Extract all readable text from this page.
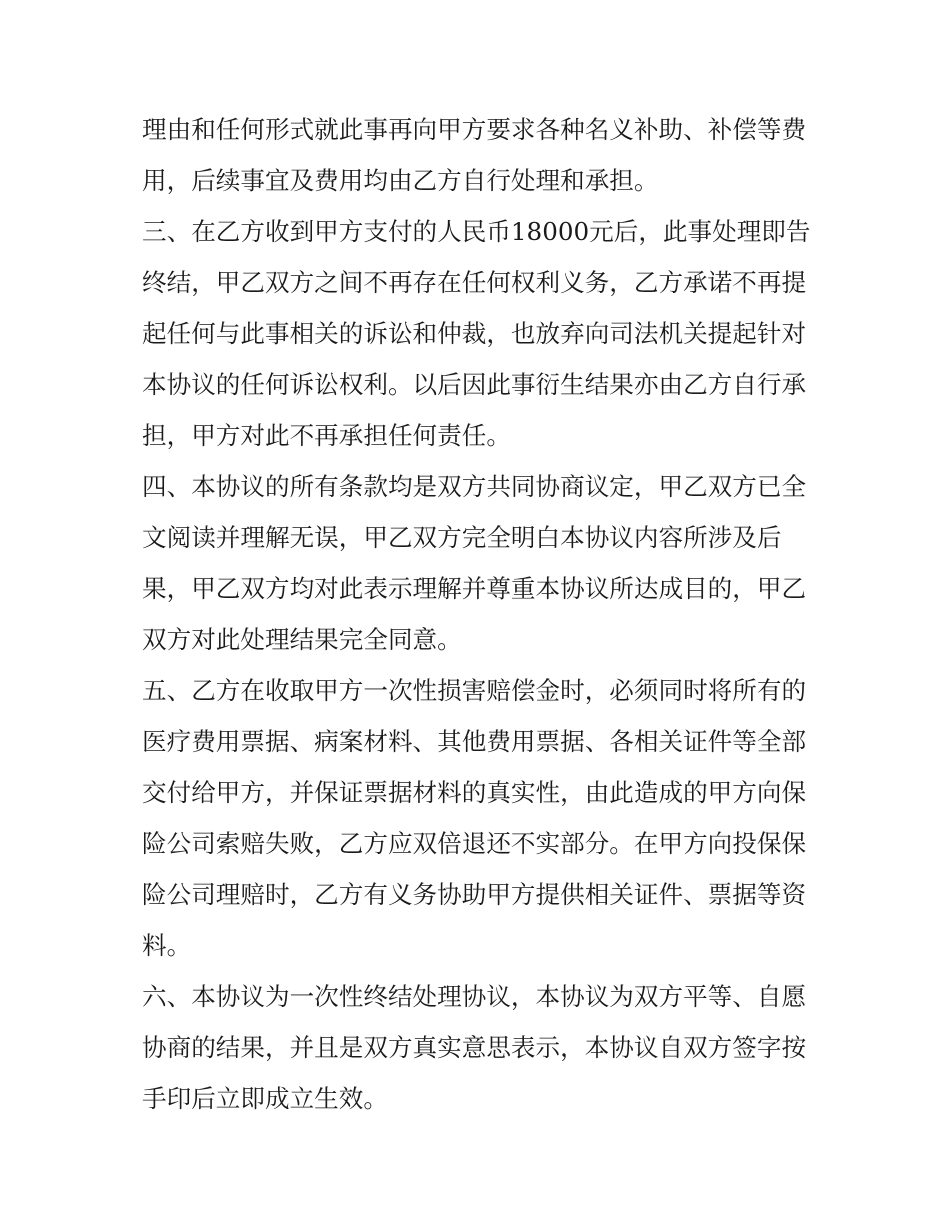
理由和任何形式就此事再向甲方要求各种名义补助、补偿等费
用，后续事宜及费用均由乙方自行处理和承担。
三、在乙方收到甲方支付的人民币18000元后，此事处理即告
终结，甲乙双方之间不再存在任何权利义务，乙方承诺不再提
起任何与此事相关的诉讼和仲裁，也放弃向司法机关提起针对
本协议的任何诉讼权利。以后因此事衍生结果亦由乙方自行承
担，甲方对此不再承担任何责任。
四、本协议的所有条款均是双方共同协商议定，甲乙双方已全
文阅读并理解无误，甲乙双方完全明白本协议内容所涉及后
果，甲乙双方均对此表示理解并尊重本协议所达成目的，甲乙
双方对此处理结果完全同意。
五、乙方在收取甲方一次性损害赔偿金时，必须同时将所有的
医疗费用票据、病案材料、其他费用票据、各相关证件等全部
交付给甲方，并保证票据材料的真实性，由此造成的甲方向保
险公司索赔失败，乙方应双倍退还不实部分。在甲方向投保保
险公司理赔时，乙方有义务协助甲方提供相关证件、票据等资
料。
六、本协议为一次性终结处理协议，本协议为双方平等、自愿
协商的结果，并且是双方真实意思表示，本协议自双方签字按
手印后立即成立生效。
